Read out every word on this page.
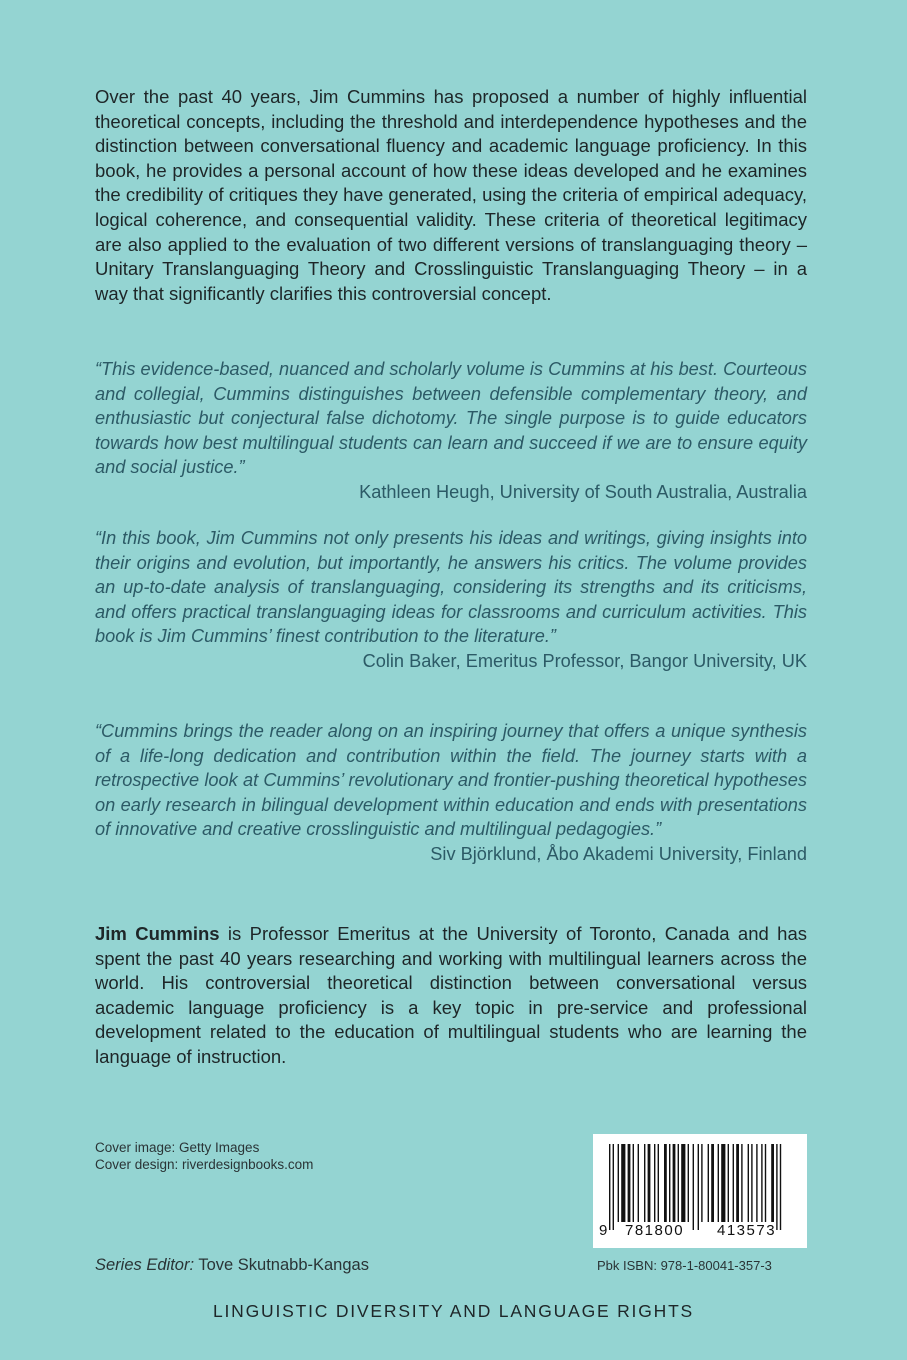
Over the past 40 years, Jim Cummins has proposed a number of highly influential theoretical concepts, including the threshold and interdependence hypotheses and the distinction between conversational fluency and academic language proficiency. In this book, he provides a personal account of how these ideas developed and he examines the credibility of critiques they have generated, using the criteria of empirical adequacy, logical coherence, and consequential validity. These criteria of theoretical legitimacy are also applied to the evaluation of two different versions of translanguaging theory – Unitary Translanguaging Theory and Crosslinguistic Translanguaging Theory – in a way that significantly clarifies this controversial concept.
“This evidence-based, nuanced and scholarly volume is Cummins at his best. Courteous and collegial, Cummins distinguishes between defensible complementary theory, and enthusiastic but conjectural false dichotomy. The single purpose is to guide educators towards how best multilingual students can learn and succeed if we are to ensure equity and social justice.”
Kathleen Heugh, University of South Australia, Australia
“In this book, Jim Cummins not only presents his ideas and writings, giving insights into their origins and evolution, but importantly, he answers his critics. The volume provides an up-to-date analysis of translanguaging, considering its strengths and its criticisms, and offers practical translanguaging ideas for classrooms and curriculum activities. This book is Jim Cummins’ finest contribution to the literature.”
Colin Baker, Emeritus Professor, Bangor University, UK
“Cummins brings the reader along on an inspiring journey that offers a unique synthesis of a life-long dedication and contribution within the field. The journey starts with a retrospective look at Cummins’ revolutionary and frontier-pushing theoretical hypotheses on early research in bilingual development within education and ends with presentations of innovative and creative crosslinguistic and multilingual pedagogies.”
Siv Björklund, Åbo Akademi University, Finland
Jim Cummins is Professor Emeritus at the University of Toronto, Canada and has spent the past 40 years researching and working with multilingual learners across the world. His controversial theoretical distinction between conversational versus academic language proficiency is a key topic in pre-service and professional development related to the education of multilingual students who are learning the language of instruction.
Cover image: Getty Images
Cover design: riverdesignbooks.com
Series Editor: Tove Skutnabb-Kangas
9 781800 413573
Pbk ISBN: 978-1-80041-357-3
LINGUISTIC DIVERSITY AND LANGUAGE RIGHTS
